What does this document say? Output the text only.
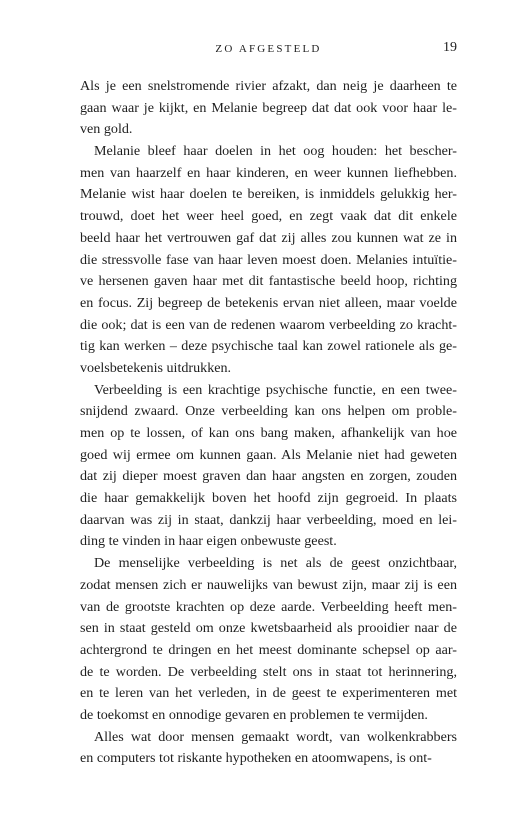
ZO AFGESTELD	19

Als je een snelstromende rivier afzakt, dan neig je daarheen te
gaan waar je kijkt, en Melanie begreep dat dat ook voor haar le-
ven gold.

Melanie bleef haar doelen in het oog houden: het bescher-
men van haarzelf en haar kinderen, en weer kunnen liefhebben.
Melanie wist haar doelen te bereiken, is inmiddels gelukkig her-
trouwd, doet het weer heel goed, en zegt vaak dat dit enkele
beeld haar het vertrouwen gaf dat zij alles zou kunnen wat ze in
die stressvolle fase van haar leven moest doen. Melanies intuïtie-
ve hersenen gaven haar met dit fantastische beeld hoop, richting
en focus. Zij begreep de betekenis ervan niet alleen, maar voelde
die ook; dat is een van de redenen waarom verbeelding zo kracht-
tig kan werken – deze psychische taal kan zowel rationele als ge-
voelsbetekenis uitdrukken.

Verbeelding is een krachtige psychische functie, en een twee-
snijdend zwaard. Onze verbeelding kan ons helpen om proble-
men op te lossen, of kan ons bang maken, afhankelijk van hoe
goed wij ermee om kunnen gaan. Als Melanie niet had geweten
dat zij dieper moest graven dan haar angsten en zorgen, zouden
die haar gemakkelijk boven het hoofd zijn gegroeid. In plaats
daarvan was zij in staat, dankzij haar verbeelding, moed en lei-
ding te vinden in haar eigen onbewuste geest.

De menselijke verbeelding is net als de geest onzichtbaar,
zodat mensen zich er nauwelijks van bewust zijn, maar zij is een
van de grootste krachten op deze aarde. Verbeelding heeft men-
sen in staat gesteld om onze kwetsbaarheid als prooidier naar de
achtergrond te dringen en het meest dominante schepsel op aar-
de te worden. De verbeelding stelt ons in staat tot herinnering,
en te leren van het verleden, in de geest te experimenteren met
de toekomst en onnodige gevaren en problemen te vermijden.

Alles wat door mensen gemaakt wordt, van wolkenkrabbers
en computers tot riskante hypotheken en atoomwapens, is ont-
